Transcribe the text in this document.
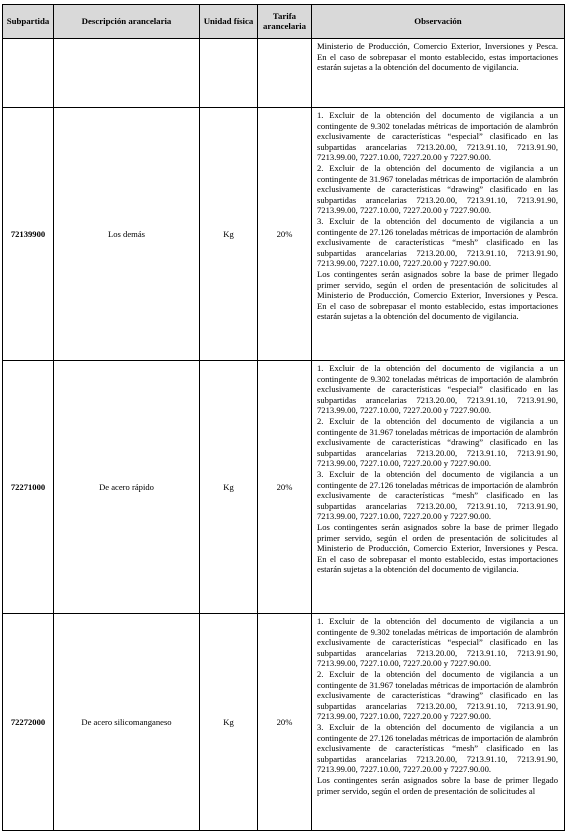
Subpartida	Descripción arancelaria	Unidad física	Tarifa arancelaria	Observación

				Ministerio de Producción, Comercio Exterior, Inversiones y Pesca. En el caso de sobrepasar el monto establecido, estas importaciones estarán sujetas a la obtención del documento de vigilancia.

72139900	Los demás	Kg	20%	1. Excluir de la obtención del documento de vigilancia a un contingente de 9.302 toneladas métricas de importación de alambrón exclusivamente de características “especial” clasificado en las subpartidas arancelarias 7213.20.00, 7213.91.10, 7213.91.90, 7213.99.00, 7227.10.00, 7227.20.00 y 7227.90.00.
2. Excluir de la obtención del documento de vigilancia a un contingente de 31.967 toneladas métricas de importación de alambrón exclusivamente de características “drawing” clasificado en las subpartidas arancelarias 7213.20.00, 7213.91.10, 7213.91.90, 7213.99.00, 7227.10.00, 7227.20.00 y 7227.90.00.
3. Excluir de la obtención del documento de vigilancia a un contingente de 27.126 toneladas métricas de importación de alambrón exclusivamente de características “mesh” clasificado en las subpartidas arancelarias 7213.20.00, 7213.91.10, 7213.91.90, 7213.99.00, 7227.10.00, 7227.20.00 y 7227.90.00.
Los contingentes serán asignados sobre la base de primer llegado primer servido, según el orden de presentación de solicitudes al Ministerio de Producción, Comercio Exterior, Inversiones y Pesca. En el caso de sobrepasar el monto establecido, estas importaciones estarán sujetas a la obtención del documento de vigilancia.

72271000	De acero rápido	Kg	20%	1. Excluir de la obtención del documento de vigilancia a un contingente de 9.302 toneladas métricas de importación de alambrón exclusivamente de características “especial” clasificado en las subpartidas arancelarias 7213.20.00, 7213.91.10, 7213.91.90, 7213.99.00, 7227.10.00, 7227.20.00 y 7227.90.00.
2. Excluir de la obtención del documento de vigilancia a un contingente de 31.967 toneladas métricas de importación de alambrón exclusivamente de características “drawing” clasificado en las subpartidas arancelarias 7213.20.00, 7213.91.10, 7213.91.90, 7213.99.00, 7227.10.00, 7227.20.00 y 7227.90.00.
3. Excluir de la obtención del documento de vigilancia a un contingente de 27.126 toneladas métricas de importación de alambrón exclusivamente de características “mesh” clasificado en las subpartidas arancelarias 7213.20.00, 7213.91.10, 7213.91.90, 7213.99.00, 7227.10.00, 7227.20.00 y 7227.90.00.
Los contingentes serán asignados sobre la base de primer llegado primer servido, según el orden de presentación de solicitudes al Ministerio de Producción, Comercio Exterior, Inversiones y Pesca. En el caso de sobrepasar el monto establecido, estas importaciones estarán sujetas a la obtención del documento de vigilancia.

72272000	De acero silicomanganeso	Kg	20%	1. Excluir de la obtención del documento de vigilancia a un contingente de 9.302 toneladas métricas de importación de alambrón exclusivamente de características “especial” clasificado en las subpartidas arancelarias 7213.20.00, 7213.91.10, 7213.91.90, 7213.99.00, 7227.10.00, 7227.20.00 y 7227.90.00.
2. Excluir de la obtención del documento de vigilancia a un contingente de 31.967 toneladas métricas de importación de alambrón exclusivamente de características “drawing” clasificado en las subpartidas arancelarias 7213.20.00, 7213.91.10, 7213.91.90, 7213.99.00, 7227.10.00, 7227.20.00 y 7227.90.00.
3. Excluir de la obtención del documento de vigilancia a un contingente de 27.126 toneladas métricas de importación de alambrón exclusivamente de características “mesh” clasificado en las subpartidas arancelarias 7213.20.00, 7213.91.10, 7213.91.90, 7213.99.00, 7227.10.00, 7227.20.00 y 7227.90.00.
Los contingentes serán asignados sobre la base de primer llegado primer servido, según el orden de presentación de solicitudes al
